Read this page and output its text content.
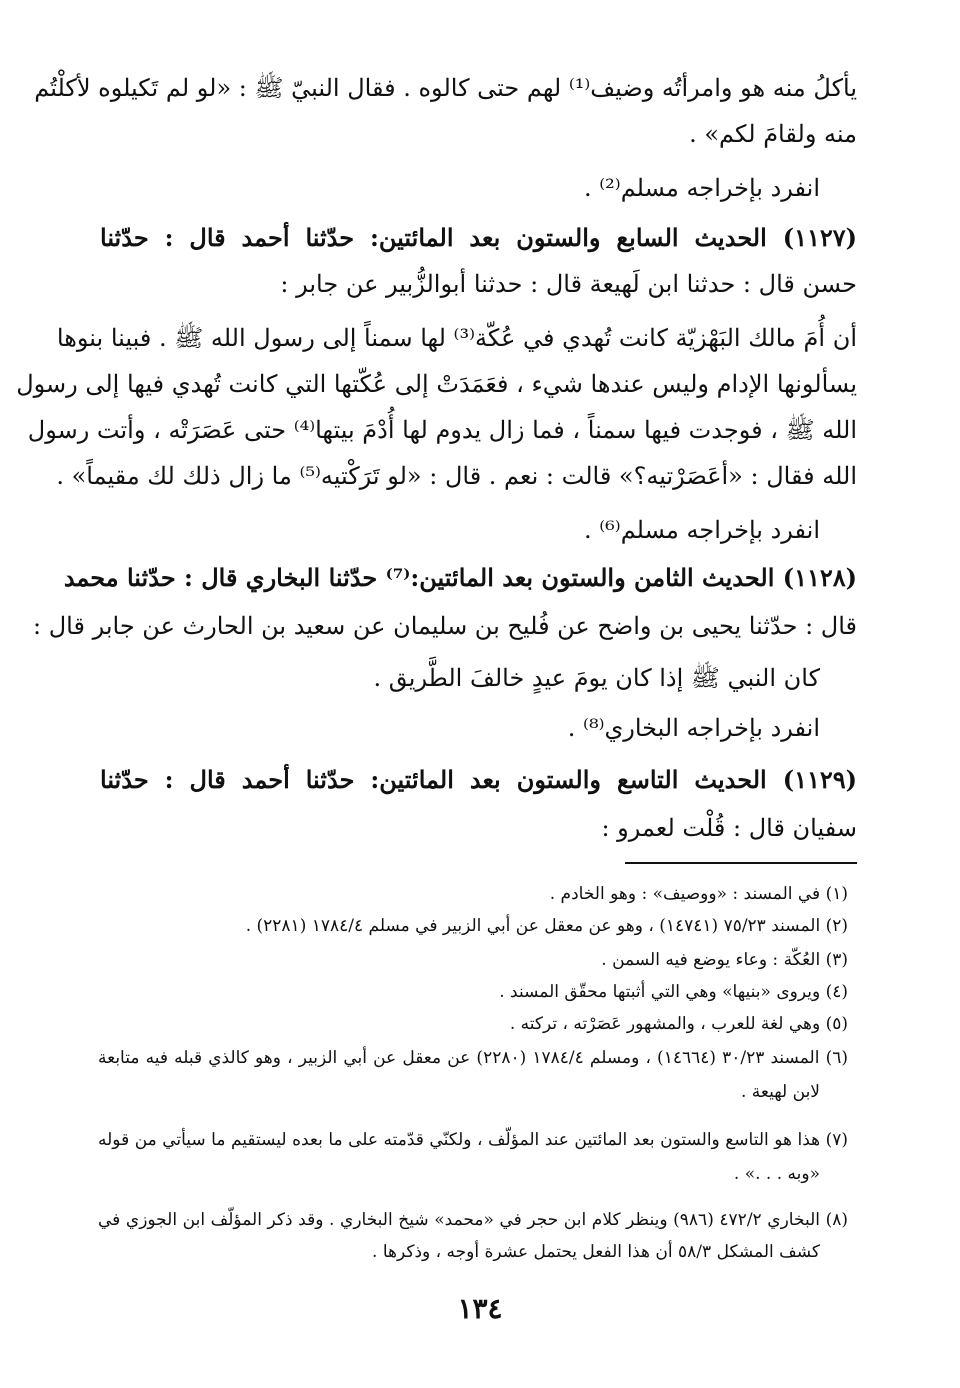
يأكلُ منه هو وامرأتُه وضيف⁽¹⁾ لهم حتى كالوه . فقال النبيّ ﷺ : «لو لم تَكيلوه لأكلْتُم
منه ولقامَ لكم» .
انفرد بإخراجه مسلم⁽²⁾ .
(١١٢٧) الحديث السابع والستون بعد المائتين: حدّثنا أحمد قال : حدّثنا
حسن قال : حدثنا ابن لَهيعة قال : حدثنا أبوالزُّبير عن جابر :
أن أُمَ مالك البَهْزيّة كانت تُهدي في عُكّة⁽³⁾ لها سمناً إلى رسول الله ﷺ . فبينا بنوها
يسألونها الإدام وليس عندها شيء ، فعَمَدَتْ إلى عُكّتها التي كانت تُهدي فيها إلى رسول
الله ﷺ ، فوجدت فيها سمناً ، فما زال يدوم لها أُدْمَ بيتها⁽⁴⁾ حتى عَصَرَتْه ، وأتت رسول
الله فقال : «أعَصَرْتيه؟» قالت : نعم . قال : «لو تَرَكْتيه⁽⁵⁾ ما زال ذلك لك مقيماً» .
انفرد بإخراجه مسلم⁽⁶⁾ .
(١١٢٨) الحديث الثامن والستون بعد المائتين:⁽⁷⁾ حدّثنا البخاري قال : حدّثنا محمد
قال : حدّثنا يحيى بن واضح عن فُليح بن سليمان عن سعيد بن الحارث عن جابر قال :
كان النبي ﷺ إذا كان يومَ عيدٍ خالفَ الطَّريق .
انفرد بإخراجه البخاري⁽⁸⁾ .
(١١٢٩) الحديث التاسع والستون بعد المائتين: حدّثنا أحمد قال : حدّثنا
سفيان قال : قُلْت لعمرو :
(١) في المسند : «ووصيف» : وهو الخادم .
(٢) المسند ٧٥/٢٣ (١٤٧٤١) ، وهو عن معقل عن أبي الزبير في مسلم ١٧٨٤/٤ (٢٢٨١) .
(٣) العُكّة : وعاء يوضع فيه السمن .
(٤) ويروى «بنيها» وهي التي أثبتها محقّق المسند .
(٥) وهي لغة للعرب ، والمشهور عَصَرْته ، تركته .
(٦) المسند ٣٠/٢٣ (١٤٦٦٤) ، ومسلم ١٧٨٤/٤ (٢٢٨٠) عن معقل عن أبي الزبير ، وهو كالذي قبله فيه متابعة
لابن لهيعة .
(٧) هذا هو التاسع والستون بعد المائتين عند المؤلّف ، ولكنّي قدّمته على ما بعده ليستقيم ما سيأتي من قوله
«وبه . . .» .
(٨) البخاري ٤٧٢/٢ (٩٨٦) وينظر كلام ابن حجر في «محمد» شيخ البخاري . وقد ذكر المؤلّف ابن الجوزي في
كشف المشكل ٥٨/٣ أن هذا الفعل يحتمل عشرة أوجه ، وذكرها .
١٣٤
